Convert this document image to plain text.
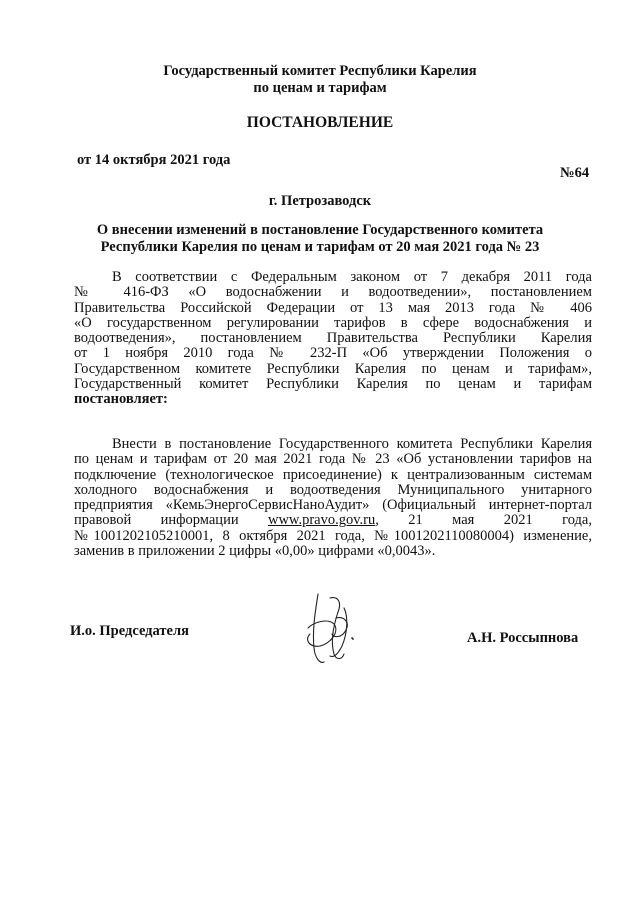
Государственный комитет Республики Карелия
по ценам и тарифам
ПОСТАНОВЛЕНИЕ
от 14 октября 2021 года
№64
г. Петрозаводск
О внесении изменений в постановление Государственного комитета
Республики Карелия по ценам и тарифам от 20 мая 2021 года № 23
В соответствии с Федеральным законом от 7 декабря 2011 года
№ 416-ФЗ «О водоснабжении и водоотведении», постановлением
Правительства Российской Федерации от 13 мая 2013 года № 406
«О государственном регулировании тарифов в сфере водоснабжения и
водоотведения», постановлением Правительства Республики Карелия
от 1 ноября 2010 года № 232-П «Об утверждении Положения о
Государственном комитете Республики Карелия по ценам и тарифам»,
Государственный комитет Республики Карелия по ценам и тарифам
постановляет:
Внести в постановление Государственного комитета Республики Карелия
по ценам и тарифам от 20 мая 2021 года № 23 «Об установлении тарифов на
подключение (технологическое присоединение) к централизованным системам
холодного водоснабжения и водоотведения Муниципального унитарного
предприятия «КемьЭнергоСервисНаноАудит» (Официальный интернет-портал
правовой информации www.pravo.gov.ru, 21 мая 2021 года,
№1001202105210001, 8 октября 2021 года, №1001202110080004) изменение,
заменив в приложении 2 цифры «0,00» цифрами «0,0043».
И.о. Председателя	А.Н. Россыпнова
